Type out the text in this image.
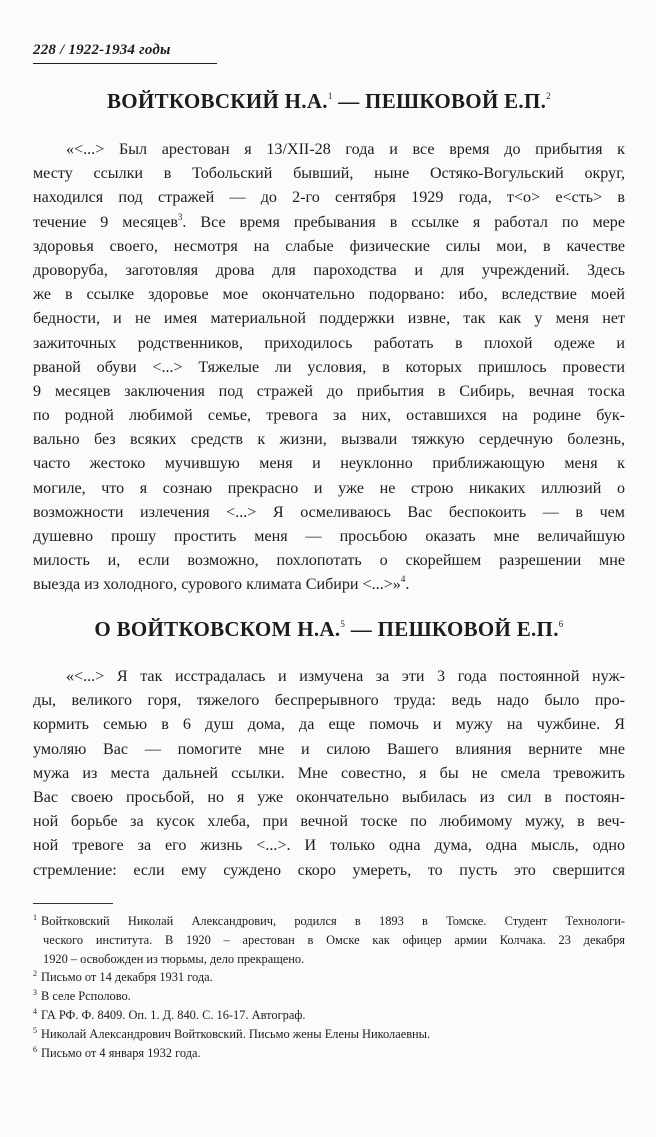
228 / 1922-1934 годы
ВОЙТКОВСКИЙ Н.А.$^1$ — ПЕШКОВОЙ Е.П.$^2$
«<...> Был арестован я 13/XII-28 года и все время до прибытия к
месту ссылки в Тобольский бывший, ныне Остяко-Вогульский округ,
находился под стражей — до 2-го сентября 1929 года, т<о> е<сть> в
течение 9 месяцев$^3$. Все время пребывания в ссылке я работал по мере
здоровья своего, несмотря на слабые физические силы мои, в качестве
дроворуба, заготовляя дрова для пароходства и для учреждений. Здесь
же в ссылке здоровье мое окончательно подорвано: ибо, вследствие моей
бедности, и не имея материальной поддержки извне, так как у меня нет
зажиточных родственников, приходилось работать в плохой одеже и
рваной обуви <...> Тяжелые ли условия, в которых пришлось провести
9 месяцев заключения под стражей до прибытия в Сибирь, вечная тоска
по родной любимой семье, тревога за них, оставшихся на родине бук-
вально без всяких средств к жизни, вызвали тяжкую сердечную болезнь,
часто жестоко мучившую меня и неуклонно приближающую меня к
могиле, что я сознаю прекрасно и уже не строю никаких иллюзий о
возможности излечения <...> Я осмеливаюсь Вас беспокоить — в чем
душевно прошу простить меня — просьбою оказать мне величайшую
милость и, если возможно, похлопотать о скорейшем разрешении мне
выезда из холодного, сурового климата Сибири <...>»$^4$.
О ВОЙТКОВСКОМ Н.А.$^5$ — ПЕШКОВОЙ Е.П.$^6$
«<...> Я так исстрадалась и измучена за эти 3 года постоянной нуж-
ды, великого горя, тяжелого беспрерывного труда: ведь надо было про-
кормить семью в 6 душ дома, да еще помочь и мужу на чужбине. Я
умоляю Вас — помогите мне и силою Вашего влияния верните мне
мужа из места дальней ссылки. Мне совестно, я бы не смела тревожить
Вас своею просьбой, но я уже окончательно выбилась из сил в постоян-
ной борьбе за кусок хлеба, при вечной тоске по любимому мужу, в веч-
ной тревоге за его жизнь <...>. И только одна дума, одна мысль, одно
стремление: если ему суждено скоро умереть, то пусть это свершится
$^1$ Войтковский Николай Александрович, родился в 1893 в Томске. Студент Технологи-
ческого института. В 1920 – арестован в Омске как офицер армии Колчака. 23 декабря
1920 – освобожден из тюрьмы, дело прекращено.
$^2$ Письмо от 14 декабря 1931 года.
$^3$ В селе Рсполово.
$^4$ ГА РФ. Ф. 8409. Оп. 1. Д. 840. С. 16-17. Автограф.
$^5$ Николай Александрович Войтковский. Письмо жены Елены Николаевны.
$^6$ Письмо от 4 января 1932 года.
